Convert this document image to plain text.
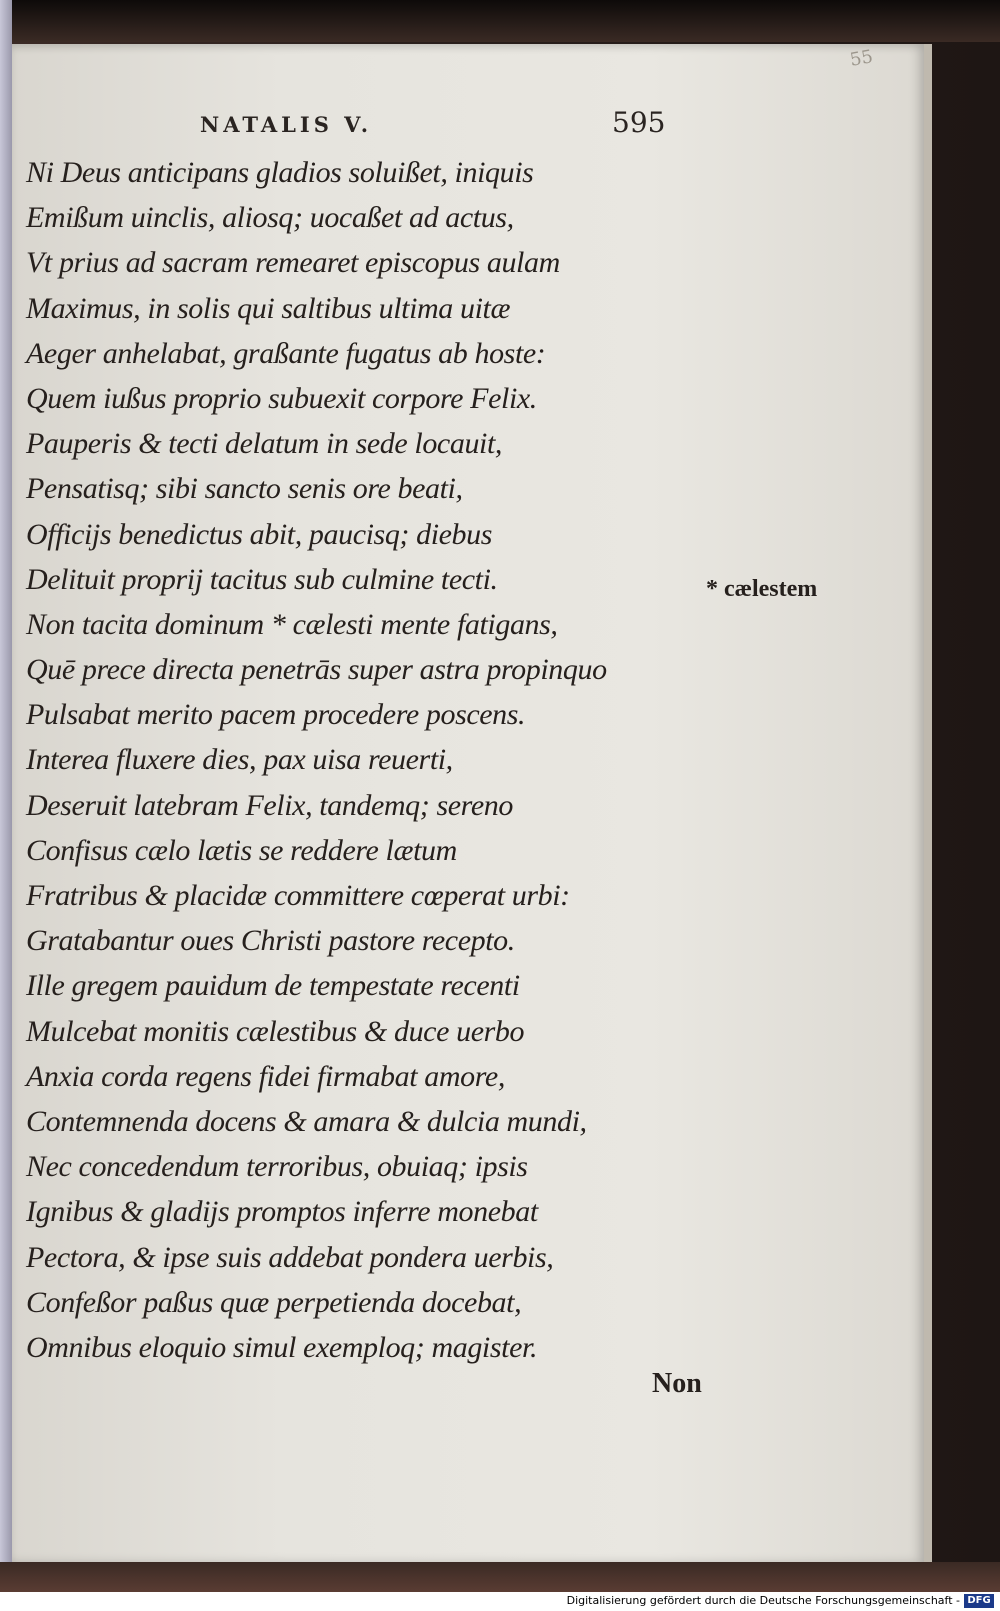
55
NATALIS V.	595
Ni Deus anticipans gladios soluißet, iniquis
Emißum uinclis, aliosq; uocaßet ad actus,
Vt prius ad sacram remearet episcopus aulam
Maximus, in solis qui saltibus ultima uitæ
Aeger anhelabat, graßante fugatus ab hoste:
Quem iußus proprio subuexit corpore Felix.
Pauperis & tecti delatum in sede locauit,
Pensatisq; sibi sancto senis ore beati,
Officijs benedictus abit, paucisq; diebus
Delituit proprij tacitus sub culmine tecti.
Non tacita dominum * cælesti mente fatigans,
Quē prece directa penetrās super astra propinquo
Pulsabat merito pacem procedere poscens.
Interea fluxere dies, pax uisa reuerti,
Deseruit latebram Felix, tandemq; sereno
Confisus cælo lætis se reddere lætum
Fratribus & placidæ committere cœperat urbi:
Gratabantur oues Christi pastore recepto.
Ille gregem pauidum de tempestate recenti
Mulcebat monitis cælestibus & duce uerbo
Anxia corda regens fidei firmabat amore,
Contemnenda docens & amara & dulcia mundi,
Nec concedendum terroribus, obuiaq; ipsis
Ignibus & gladijs promptos inferre monebat
Pectora, & ipse suis addebat pondera uerbis,
Confeßor paßus quæ perpetienda docebat,
Omnibus eloquio simul exemploq; magister.
* cælestem
Non
Digitalisierung gefördert durch die Deutsche Forschungsgemeinschaft - DFG
